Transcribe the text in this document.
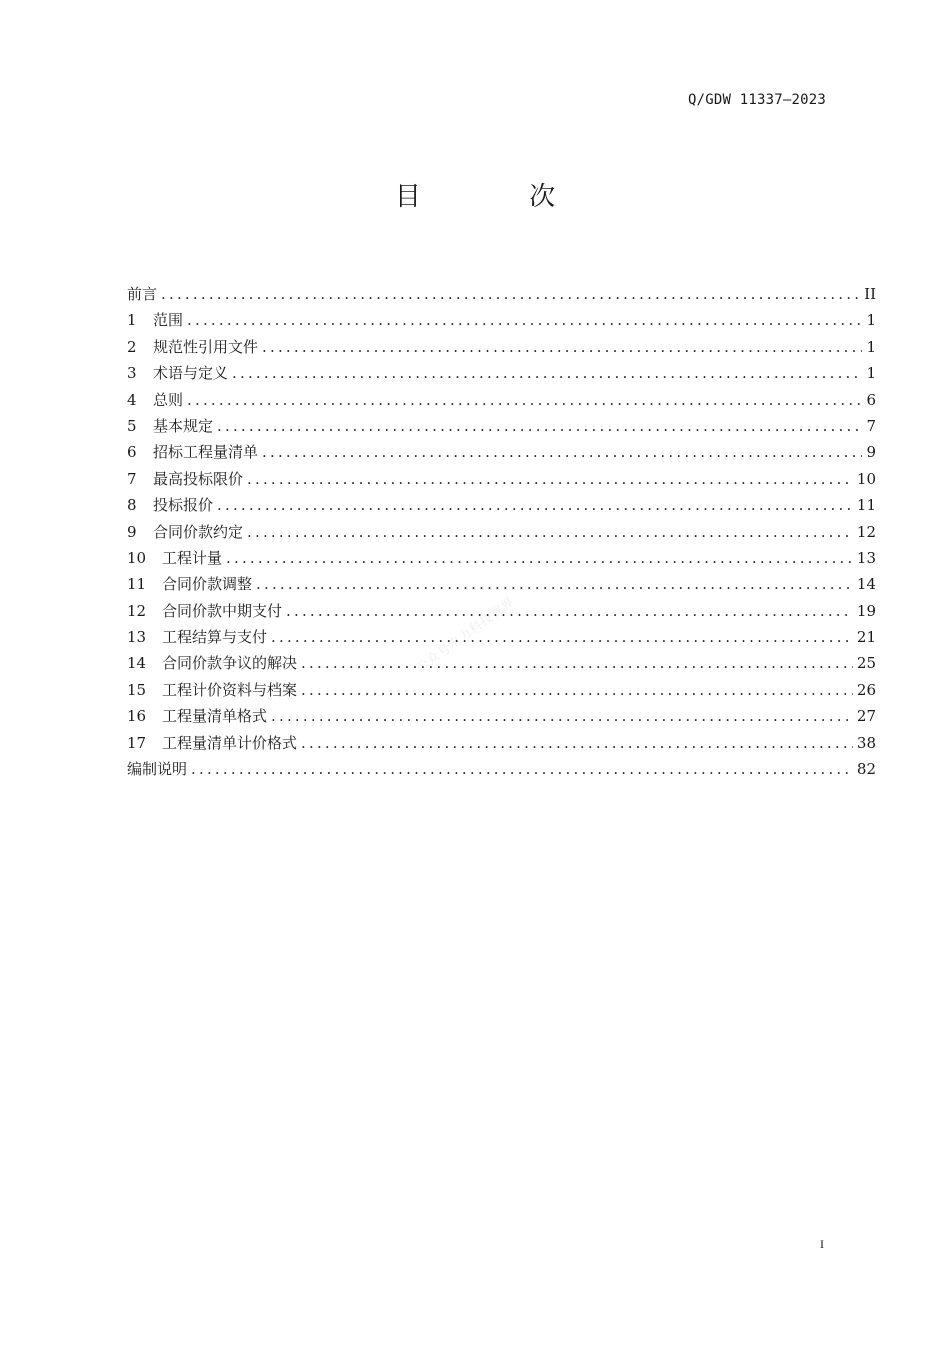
Q/GDW 11337—2023
目 次
公众号电力科技视界
前言 .....	II
1	范围 .....	1
2	规范性引用文件 .....	1
3	术语与定义 .....	1
4	总则 .....	6
5	基本规定 .....	7
6	招标工程量清单 .....	9
7	最高投标限价 .....	10
8	投标报价 .....	11
9	合同价款约定 .....	12
10	工程计量 .....	13
11	合同价款调整 .....	14
12	合同价款中期支付 .....	19
13	工程结算与支付 .....	21
14	合同价款争议的解决 .....	25
15	工程计价资料与档案 .....	26
16	工程量清单格式 .....	27
17	工程量清单计价格式 .....	38
编制说明 .....	82
I
